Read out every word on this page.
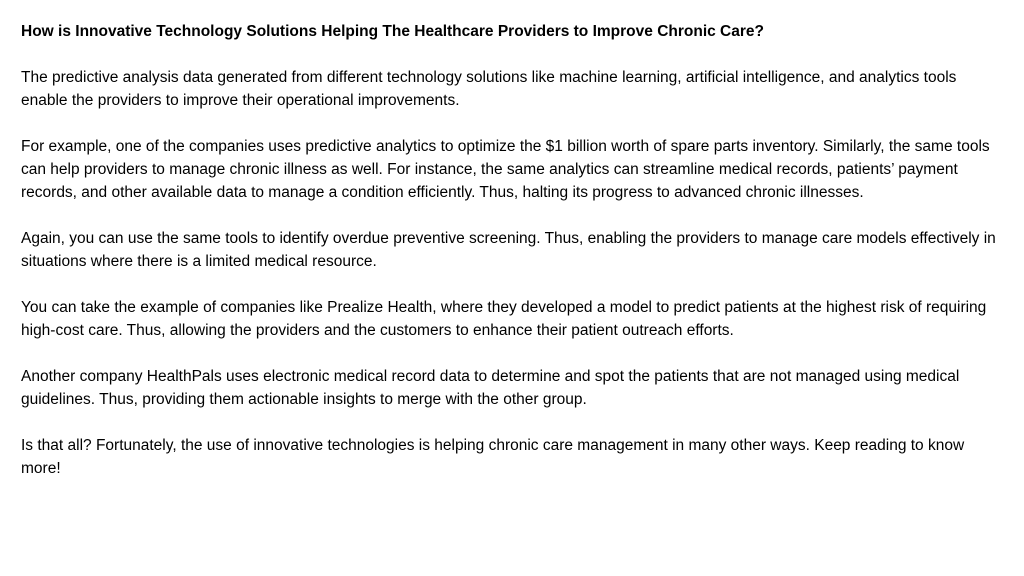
How is Innovative Technology Solutions Helping The Healthcare Providers to Improve Chronic Care?

The predictive analysis data generated from different technology solutions like machine learning, artificial intelligence, and analytics tools enable the providers to improve their operational improvements.

For example, one of the companies uses predictive analytics to optimize the $1 billion worth of spare parts inventory. Similarly, the same tools can help providers to manage chronic illness as well. For instance, the same analytics can streamline medical records, patients’ payment records, and other available data to manage a condition efficiently. Thus, halting its progress to advanced chronic illnesses.

Again, you can use the same tools to identify overdue preventive screening. Thus, enabling the providers to manage care models effectively in situations where there is a limited medical resource.

You can take the example of companies like Prealize Health, where they developed a model to predict patients at the highest risk of requiring high-cost care. Thus, allowing the providers and the customers to enhance their patient outreach efforts.

Another company HealthPals uses electronic medical record data to determine and spot the patients that are not managed using medical guidelines. Thus, providing them actionable insights to merge with the other group.

Is that all? Fortunately, the use of innovative technologies is helping chronic care management in many other ways. Keep reading to know more!
